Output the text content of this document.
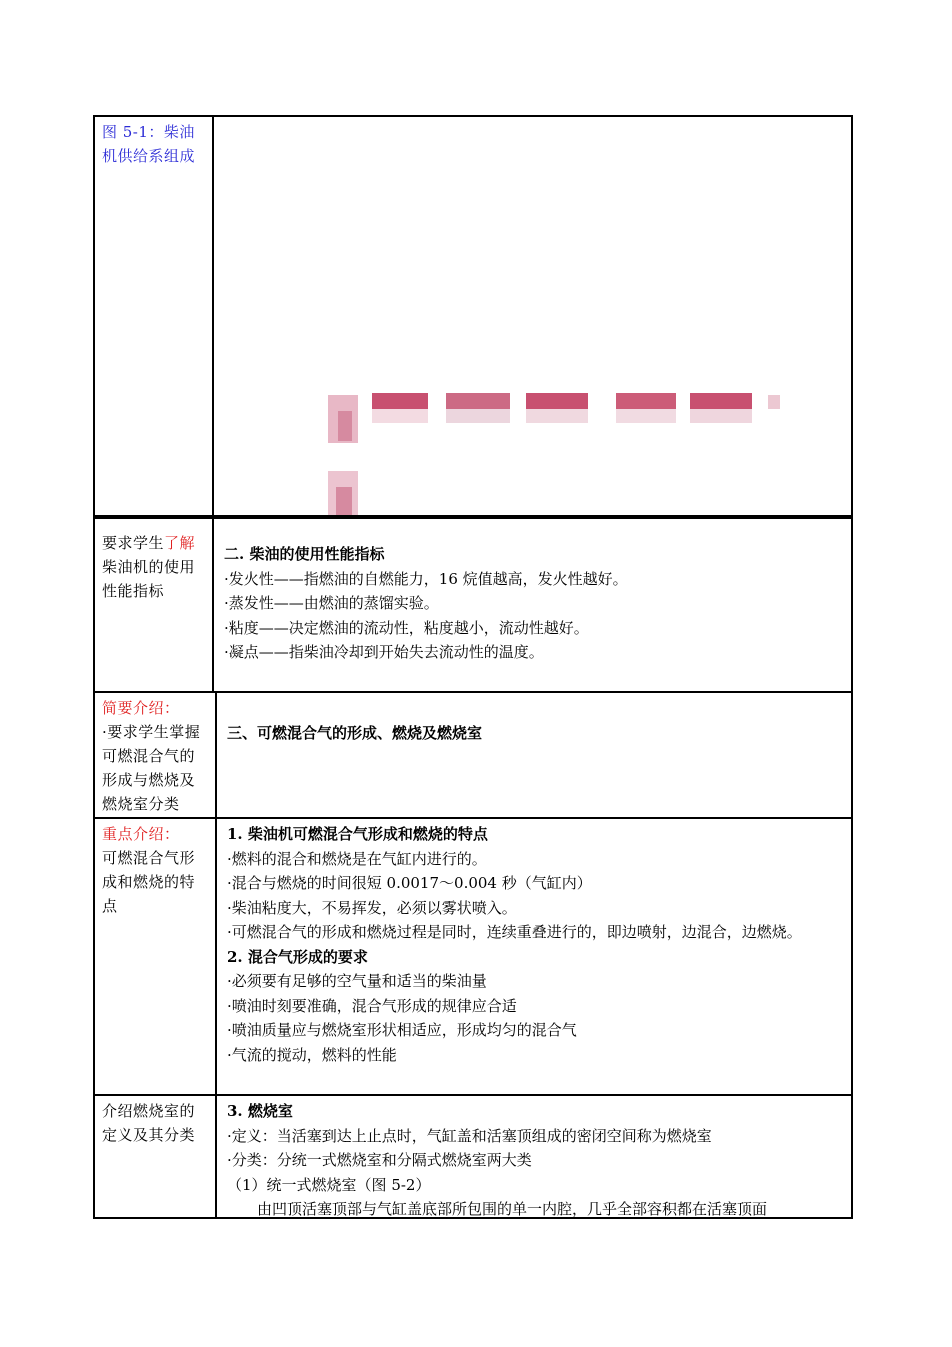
图 5-1：柴油机供给系组成
要求学生了解柴油机的使用性能指标
二. 柴油的使用性能指标
·发火性——指燃油的自燃能力，16 烷值越高，发火性越好。
·蒸发性——由燃油的蒸馏实验。
·粘度——决定燃油的流动性，粘度越小，流动性越好。
·凝点——指柴油冷却到开始失去流动性的温度。
简要介绍：
·要求学生掌握可燃混合气的形成与燃烧及燃烧室分类
三、可燃混合气的形成、燃烧及燃烧室
重点介绍：
可燃混合气形成和燃烧的特点
1. 柴油机可燃混合气形成和燃烧的特点
·燃料的混合和燃烧是在气缸内进行的。
·混合与燃烧的时间很短 0.0017～0.004 秒（气缸内）
·柴油粘度大，不易挥发，必须以雾状喷入。
·可燃混合气的形成和燃烧过程是同时，连续重叠进行的，即边喷射，边混合，边燃烧。
2. 混合气形成的要求
·必须要有足够的空气量和适当的柴油量
·喷油时刻要准确，混合气形成的规律应合适
·喷油质量应与燃烧室形状相适应，形成均匀的混合气
·气流的搅动，燃料的性能
介绍燃烧室的定义及其分类
3. 燃烧室
·定义：当活塞到达上止点时，气缸盖和活塞顶组成的密闭空间称为燃烧室
·分类：分统一式燃烧室和分隔式燃烧室两大类
（1）统一式燃烧室（图 5-2）
由凹顶活塞顶部与气缸盖底部所包围的单一内腔，几乎全部容积都在活塞顶面
